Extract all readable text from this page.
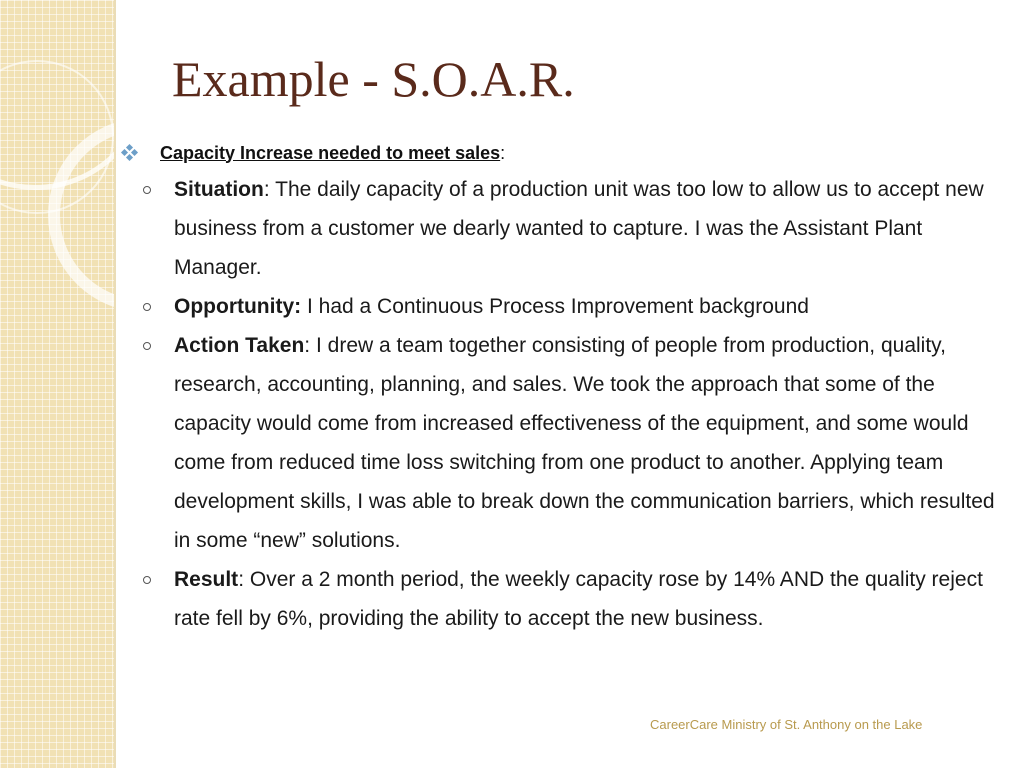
Example - S.O.A.R.
Capacity Increase needed to meet sales :
Situation: The daily capacity of a production unit was too low to allow us to accept new business from a customer we dearly wanted to capture. I was the Assistant Plant Manager.
Opportunity: I had a Continuous Process Improvement background
Action Taken: I drew a team together consisting of people from production, quality, research, accounting, planning, and sales. We took the approach that some of the capacity would come from increased effectiveness of the equipment, and some would come from reduced time loss switching from one product to another. Applying team development skills, I was able to break down the communication barriers, which resulted in some “new” solutions.
Result: Over a 2 month period, the weekly capacity rose by 14% AND the quality reject rate fell by 6%, providing the ability to accept the new business.
CareerCare Ministry of St. Anthony on the Lake
